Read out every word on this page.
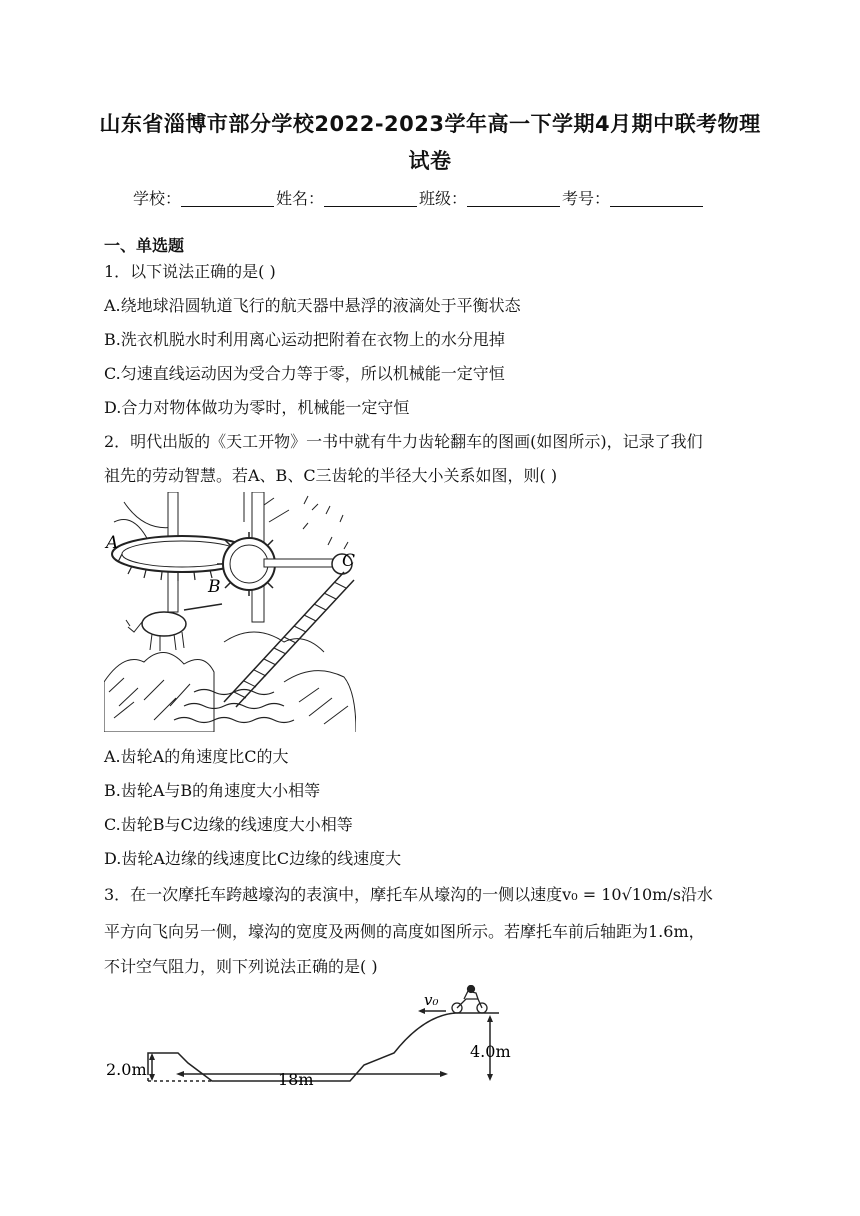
山东省淄博市部分学校2022-2023学年高一下学期4月期中联考物理
试卷
学校：	姓名：	班级：	考号：
一、单选题
1．以下说法正确的是( )
A.绕地球沿圆轨道飞行的航天器中悬浮的液滴处于平衡状态
B.洗衣机脱水时利用离心运动把附着在衣物上的水分甩掉
C.匀速直线运动因为受合力等于零，所以机械能一定守恒
D.合力对物体做功为零时，机械能一定守恒
2．明代出版的《天工开物》一书中就有牛力齿轮翻车的图画(如图所示)，记录了我们
祖先的劳动智慧。若A、B、C三齿轮的半径大小关系如图，则( )
A
B
C
A.齿轮A的角速度比C的大
B.齿轮A与B的角速度大小相等
C.齿轮B与C边缘的线速度大小相等
D.齿轮A边缘的线速度比C边缘的线速度大
3．在一次摩托车跨越壕沟的表演中，摩托车从壕沟的一侧以速度v₀ = 10√10m/s沿水
平方向飞向另一侧，壕沟的宽度及两侧的高度如图所示。若摩托车前后轴距为1.6m，
不计空气阻力，则下列说法正确的是( )
v₀
2.0m
18m
4.0m
